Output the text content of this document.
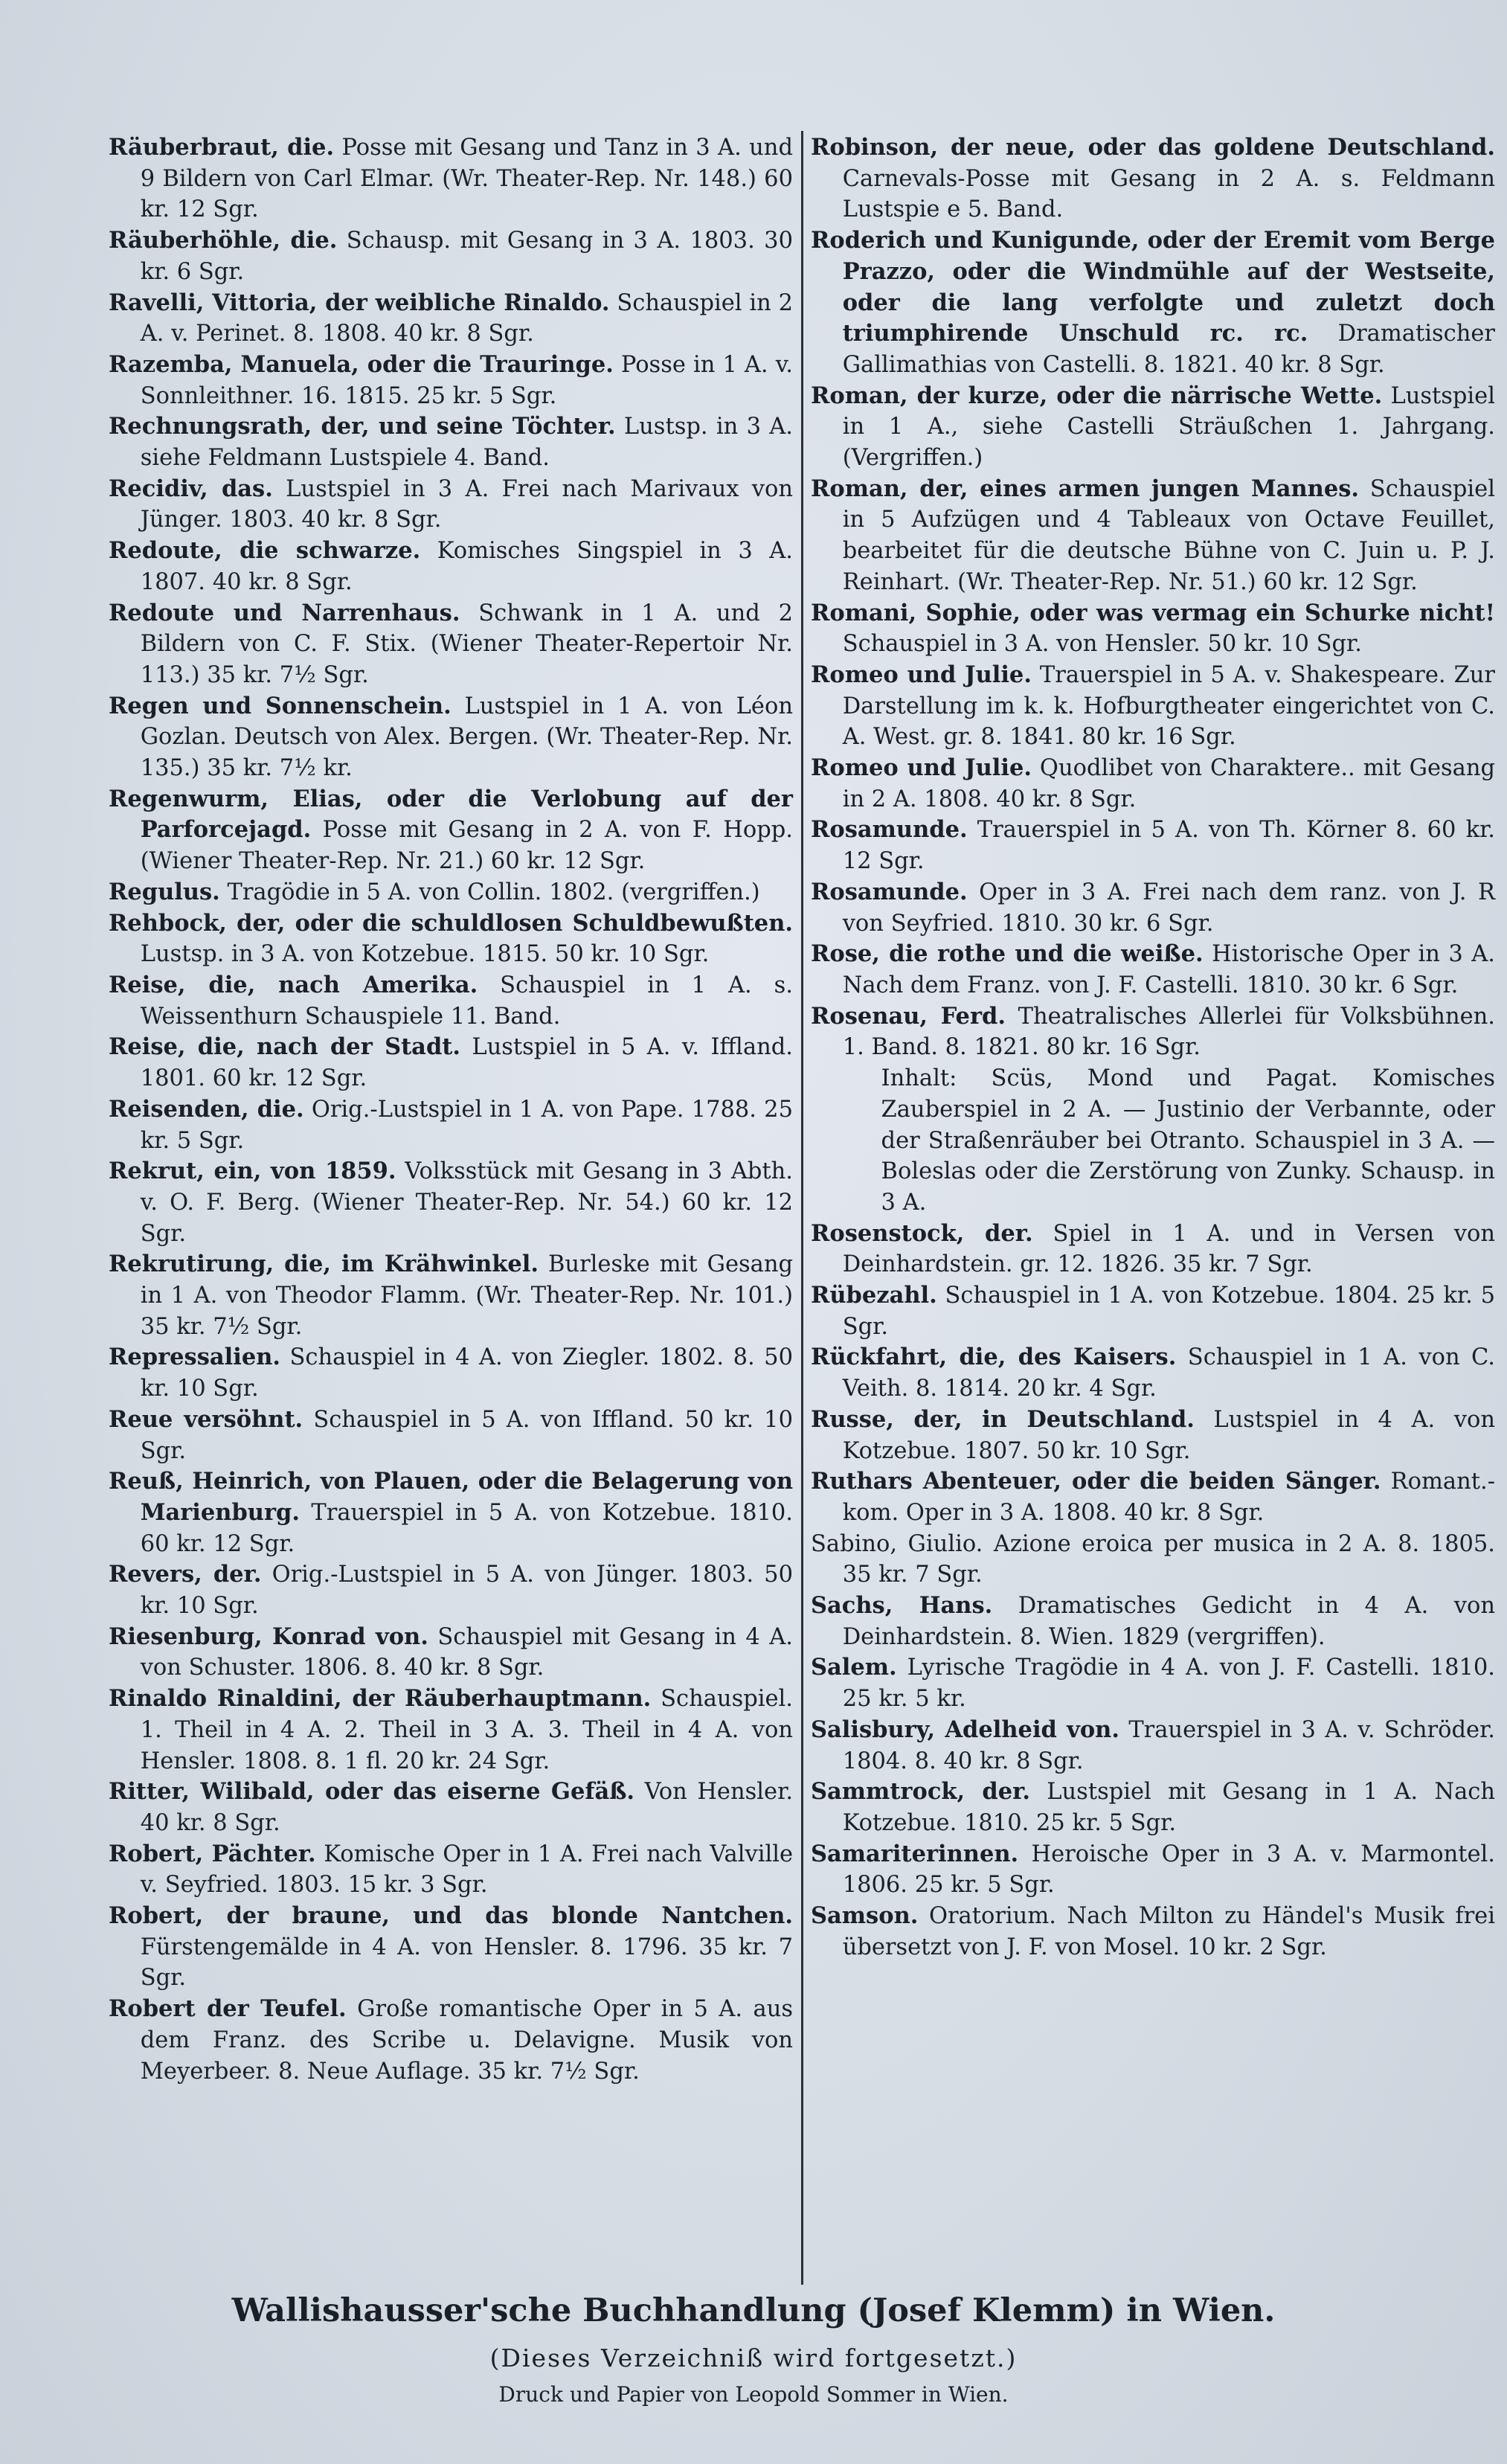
Räuberbraut, die. Posse mit Gesang und Tanz in 3 A. und 9 Bildern von Carl Elmar. (Wr. Theater-Rep. Nr. 148.) 60 kr. 12 Sgr.
Räuberhöhle, die. Schausp. mit Gesang in 3 A. 1803. 30 kr. 6 Sgr.
Ravelli, Vittoria, der weibliche Rinaldo. Schauspiel in 2 A. v. Perinet. 8. 1808. 40 kr. 8 Sgr.
Razemba, Manuela, oder die Trauringe. Posse in 1 A. v. Sonnleithner. 16. 1815. 25 kr. 5 Sgr.
Rechnungsrath, der, und seine Töchter. Lustsp. in 3 A. siehe Feldmann Lustspiele 4. Band.
Recidiv, das. Lustspiel in 3 A. Frei nach Marivaux von Jünger. 1803. 40 kr. 8 Sgr.
Redoute, die schwarze. Komisches Singspiel in 3 A. 1807. 40 kr. 8 Sgr.
Redoute und Narrenhaus. Schwank in 1 A. und 2 Bildern von C. F. Stix. (Wiener Theater-Repertoir Nr. 113.) 35 kr. 7½ Sgr.
Regen und Sonnenschein. Lustspiel in 1 A. von Léon Gozlan. Deutsch von Alex. Bergen. (Wr. Theater-Rep. Nr. 135.) 35 kr. 7½ kr.
Regenwurm, Elias, oder die Verlobung auf der Parforcejagd. Posse mit Gesang in 2 A. von F. Hopp. (Wiener Theater-Rep. Nr. 21.) 60 kr. 12 Sgr.
Regulus. Tragödie in 5 A. von Collin. 1802. (vergriffen.)
Rehbock, der, oder die schuldlosen Schuldbewußten. Lustsp. in 3 A. von Kotzebue. 1815. 50 kr. 10 Sgr.
Reise, die, nach Amerika. Schauspiel in 1 A. s. Weissenthurn Schauspiele 11. Band.
Reise, die, nach der Stadt. Lustspiel in 5 A. v. Iffland. 1801. 60 kr. 12 Sgr.
Reisenden, die. Orig.-Lustspiel in 1 A. von Pape. 1788. 25 kr. 5 Sgr.
Rekrut, ein, von 1859. Volksstück mit Gesang in 3 Abth. v. O. F. Berg. (Wiener Theater-Rep. Nr. 54.) 60 kr. 12 Sgr.
Rekrutirung, die, im Krähwinkel. Burleske mit Gesang in 1 A. von Theodor Flamm. (Wr. Theater-Rep. Nr. 101.) 35 kr. 7½ Sgr.
Repressalien. Schauspiel in 4 A. von Ziegler. 1802. 8. 50 kr. 10 Sgr.
Reue versöhnt. Schauspiel in 5 A. von Iffland. 50 kr. 10 Sgr.
Reuß, Heinrich, von Plauen, oder die Belagerung von Marienburg. Trauerspiel in 5 A. von Kotzebue. 1810. 60 kr. 12 Sgr.
Revers, der. Orig.-Lustspiel in 5 A. von Jünger. 1803. 50 kr. 10 Sgr.
Riesenburg, Konrad von. Schauspiel mit Gesang in 4 A. von Schuster. 1806. 8. 40 kr. 8 Sgr.
Rinaldo Rinaldini, der Räuberhauptmann. Schauspiel. 1. Theil in 4 A. 2. Theil in 3 A. 3. Theil in 4 A. von Hensler. 1808. 8. 1 fl. 20 kr. 24 Sgr.
Ritter, Wilibald, oder das eiserne Gefäß. Von Hensler. 40 kr. 8 Sgr.
Robert, Pächter. Komische Oper in 1 A. Frei nach Valville v. Seyfried. 1803. 15 kr. 3 Sgr.
Robert, der braune, und das blonde Nantchen. Fürstengemälde in 4 A. von Hensler. 8. 1796. 35 kr. 7 Sgr.
Robert der Teufel. Große romantische Oper in 5 A. aus dem Franz. des Scribe u. Delavigne. Musik von Meyerbeer. 8. Neue Auflage. 35 kr. 7½ Sgr.
Robinson, der neue, oder das goldene Deutschland. Carnevals-Posse mit Gesang in 2 A. s. Feldmann Lustspie e 5. Band.
Roderich und Kunigunde, oder der Eremit vom Berge Prazzo, oder die Windmühle auf der Westseite, oder die lang verfolgte und zuletzt doch triumphirende Unschuld rc. rc. Dramatischer Gallimathias von Castelli. 8. 1821. 40 kr. 8 Sgr.
Roman, der kurze, oder die närrische Wette. Lustspiel in 1 A., siehe Castelli Sträußchen 1. Jahrgang. (Vergriffen.)
Roman, der, eines armen jungen Mannes. Schauspiel in 5 Aufzügen und 4 Tableaux von Octave Feuillet, bearbeitet für die deutsche Bühne von C. Juin u. P. J. Reinhart. (Wr. Theater-Rep. Nr. 51.) 60 kr. 12 Sgr.
Romani, Sophie, oder was vermag ein Schurke nicht! Schauspiel in 3 A. von Hensler. 50 kr. 10 Sgr.
Romeo und Julie. Trauerspiel in 5 A. v. Shakespeare. Zur Darstellung im k. k. Hofburgtheater eingerichtet von C. A. West. gr. 8. 1841. 80 kr. 16 Sgr.
Romeo und Julie. Quodlibet von Charaktere.. mit Gesang in 2 A. 1808. 40 kr. 8 Sgr.
Rosamunde. Trauerspiel in 5 A. von Th. Körner 8. 60 kr. 12 Sgr.
Rosamunde. Oper in 3 A. Frei nach dem ranz. von J. R von Seyfried. 1810. 30 kr. 6 Sgr.
Rose, die rothe und die weiße. Historische Oper in 3 A. Nach dem Franz. von J. F. Castelli. 1810. 30 kr. 6 Sgr.
Rosenau, Ferd. Theatralisches Allerlei für Volksbühnen. 1. Band. 8. 1821. 80 kr. 16 Sgr.
Inhalt: Scüs, Mond und Pagat. Komisches Zauberspiel in 2 A. — Justinio der Verbannte, oder der Straßenräuber bei Otranto. Schauspiel in 3 A. — Boleslas oder die Zerstörung von Zunky. Schausp. in 3 A.
Rosenstock, der. Spiel in 1 A. und in Versen von Deinhardstein. gr. 12. 1826. 35 kr. 7 Sgr.
Rübezahl. Schauspiel in 1 A. von Kotzebue. 1804. 25 kr. 5 Sgr.
Rückfahrt, die, des Kaisers. Schauspiel in 1 A. von C. Veith. 8. 1814. 20 kr. 4 Sgr.
Russe, der, in Deutschland. Lustspiel in 4 A. von Kotzebue. 1807. 50 kr. 10 Sgr.
Ruthars Abenteuer, oder die beiden Sänger. Romant.-kom. Oper in 3 A. 1808. 40 kr. 8 Sgr.
Sabino, Giulio. Azione eroica per musica in 2 A. 8. 1805. 35 kr. 7 Sgr.
Sachs, Hans. Dramatisches Gedicht in 4 A. von Deinhardstein. 8. Wien. 1829 (vergriffen).
Salem. Lyrische Tragödie in 4 A. von J. F. Castelli. 1810. 25 kr. 5 kr.
Salisbury, Adelheid von. Trauerspiel in 3 A. v. Schröder. 1804. 8. 40 kr. 8 Sgr.
Sammtrock, der. Lustspiel mit Gesang in 1 A. Nach Kotzebue. 1810. 25 kr. 5 Sgr.
Samariterinnen. Heroische Oper in 3 A. v. Marmontel. 1806. 25 kr. 5 Sgr.
Samson. Oratorium. Nach Milton zu Händel's Musik frei übersetzt von J. F. von Mosel. 10 kr. 2 Sgr.
Wallishausser'sche Buchhandlung (Josef Klemm) in Wien.
(Dieses Verzeichniß wird fortgesetzt.)
Druck und Papier von Leopold Sommer in Wien.
